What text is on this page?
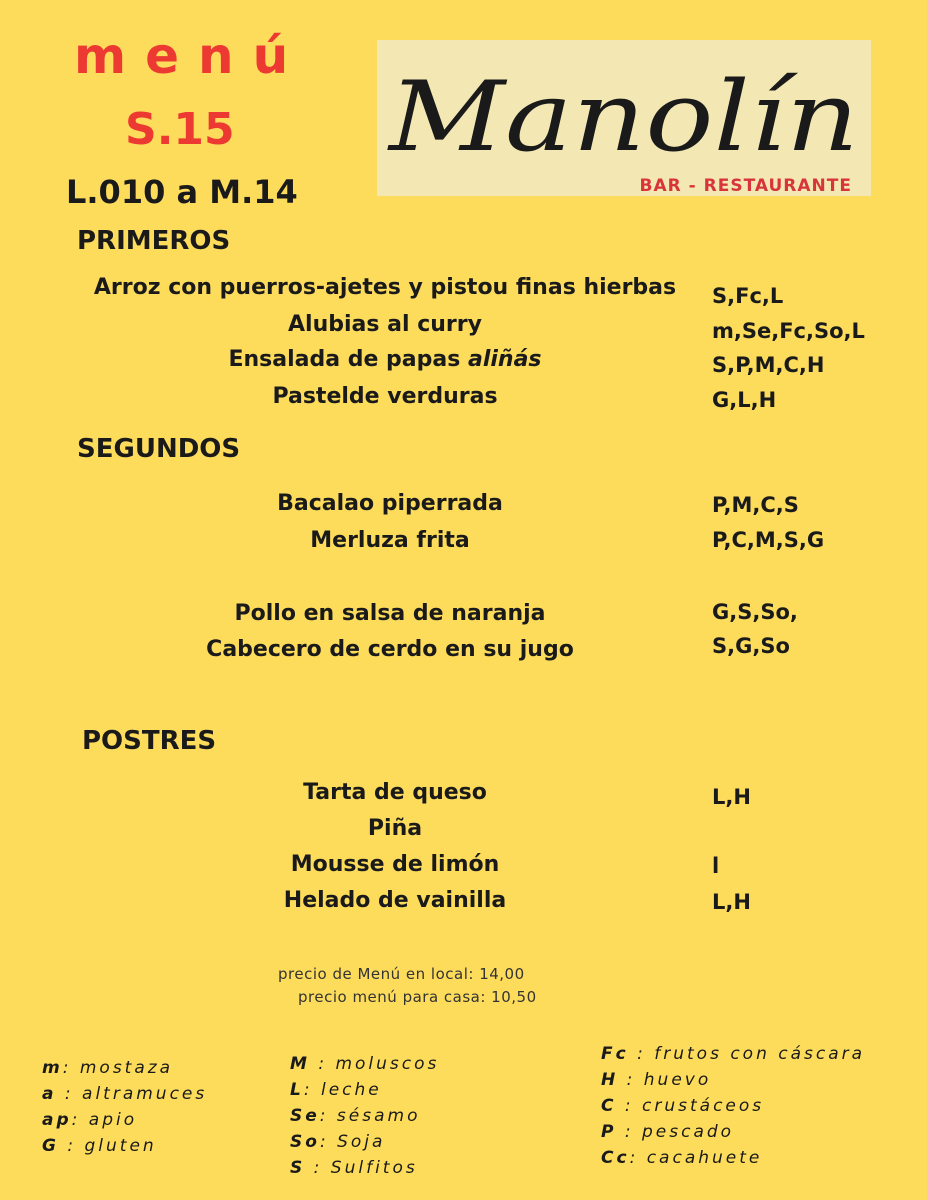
menú
S.15
L.010 a M.14
Manolín
BAR - RESTAURANTE
PRIMEROS
Arroz con puerros-ajetes y pistou finas hierbas	S,Fc,L
Alubias al curry	m,Se,Fc,So,L
Ensalada de papas aliñás	S,P,M,C,H
Pastelde verduras	G,L,H
SEGUNDOS
Bacalao piperrada	P,M,C,S
Merluza frita	P,C,M,S,G
Pollo en salsa de naranja	G,S,So,
Cabecero de cerdo en su jugo	S,G,So
POSTRES
Tarta de queso	L,H
Piña
Mousse de limón	l
Helado de vainilla	L,H
precio de Menú en local: 14,00
precio menú para casa: 10,50
m: mostaza
a : altramuces
ap: apio
G : gluten
M : moluscos
L: leche
Se: sésamo
So: Soja
S : Sulfitos
Fc : frutos con cáscara
H : huevo
C : crustáceos
P : pescado
Cc: cacahuete
